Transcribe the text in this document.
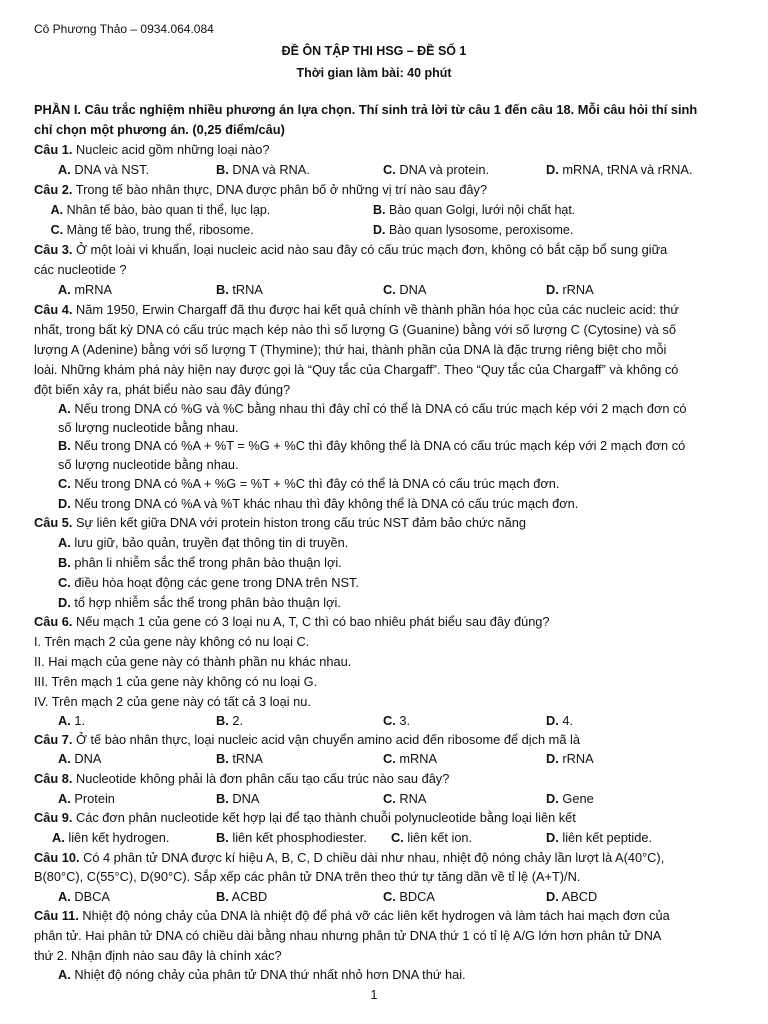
Cô Phương Thảo – 0934.064.084
ĐỀ ÔN TẬP THI HSG – ĐỀ SỐ 1
Thời gian làm bài: 40 phút
PHẦN I. Câu trắc nghiệm nhiều phương án lựa chọn. Thí sinh trả lời từ câu 1 đến câu 18. Mỗi câu hỏi thí sinh
chỉ chọn một phương án. (0,25 điểm/câu)
Câu 1. Nucleic acid gồm những loại nào?
A. DNA và NST.	B. DNA và RNA.	C. DNA và protein.	D. mRNA, tRNA và rRNA.
Câu 2. Trong tế bào nhân thực, DNA được phân bố ở những vị trí nào sau đây?
A. Nhân tế bào, bào quan ti thể, lục lạp.	B. Bào quan Golgi, lưới nội chất hạt.
C. Màng tế bào, trung thể, ribosome.	D. Bào quan lysosome, peroxisome.
Câu 3. Ở một loài vi khuẩn, loại nucleic acid nào sau đây có cấu trúc mạch đơn, không có bắt cặp bổ sung giữa
các nucleotide ?
A. mRNA	B. tRNA	C. DNA	D. rRNA
Câu 4. Năm 1950, Erwin Chargaff đã thu được hai kết quả chính về thành phần hóa học của các nucleic acid: thứ
nhất, trong bất kỳ DNA có cấu trúc mạch kép nào thì số lượng G (Guanine) bằng với số lượng C (Cytosine) và số
lượng A (Adenine) bằng với số lượng T (Thymine); thứ hai, thành phần của DNA là đặc trưng riêng biệt cho mỗi
loài. Những khám phá này hiện nay được gọi là “Quy tắc của Chargaff”. Theo “Quy tắc của Chargaff” và không có
đột biến xảy ra, phát biểu nào sau đây đúng?
A. Nếu trong DNA có %G và %C bằng nhau thì đây chỉ có thể là DNA có cấu trúc mạch kép với 2 mạch đơn có
số lượng nucleotide bằng nhau.
B. Nếu trong DNA có %A + %T = %G + %C thì đây không thể là DNA có cấu trúc mạch kép với 2 mạch đơn có
số lượng nucleotide bằng nhau.
C. Nếu trong DNA có %A + %G = %T + %C thì đây có thể là DNA có cấu trúc mạch đơn.
D. Nếu trong DNA có %A và %T khác nhau thì đây không thể là DNA có cấu trúc mạch đơn.
Câu 5. Sự liên kết giữa DNA với protein histon trong cấu trúc NST đảm bảo chức năng
A. lưu giữ, bảo quản, truyền đạt thông tin di truyền.
B. phân li nhiễm sắc thể trong phân bào thuận lợi.
C. điều hòa hoạt động các gene trong DNA trên NST.
D. tổ hợp nhiễm sắc thể trong phân bào thuận lợi.
Câu 6. Nếu mạch 1 của gene có 3 loại nu A, T, C thì có bao nhiêu phát biểu sau đây đúng?
I. Trên mạch 2 của gene này không có nu loại C.
II. Hai mạch của gene này có thành phần nu khác nhau.
III. Trên mạch 1 của gene này không có nu loại G.
IV. Trên mạch 2 của gene này có tất cả 3 loại nu.
A. 1.	B. 2.	C. 3.	D. 4.
Câu 7. Ở tế bào nhân thực, loại nucleic acid vận chuyển amino acid đến ribosome để dịch mã là
A. DNA	B. tRNA	C. mRNA	D. rRNA
Câu 8. Nucleotide không phải là đơn phân cấu tạo cấu trúc nào sau đây?
A. Protein	B. DNA	C. RNA	D. Gene
Câu 9. Các đơn phân nucleotide kết hợp lại để tạo thành chuỗi polynucleotide bằng loại liên kết
A. liên kết hydrogen.	B. liên kết phosphodiester. C. liên kết ion.	D. liên kết peptide.
Câu 10. Có 4 phân tử DNA được kí hiệu A, B, C, D chiều dài như nhau, nhiệt độ nóng chảy lần lượt là A(40°C),
B(80°C), C(55°C), D(90°C). Sắp xếp các phân tử DNA trên theo thứ tự tăng dần về tỉ lệ (A+T)/N.
A. DBCA	B. ACBD	C. BDCA	D. ABCD
Câu 11. Nhiệt độ nóng chảy của DNA là nhiệt độ để phá vỡ các liên kết hydrogen và làm tách hai mạch đơn của
phân tử. Hai phân tử DNA có chiều dài bằng nhau nhưng phân tử DNA thứ 1 có tỉ lệ A/G lớn hơn phân tử DNA
thứ 2. Nhận định nào sau đây là chính xác?
A. Nhiệt độ nóng chảy của phân tử DNA thứ nhất nhỏ hơn DNA thứ hai.
1
